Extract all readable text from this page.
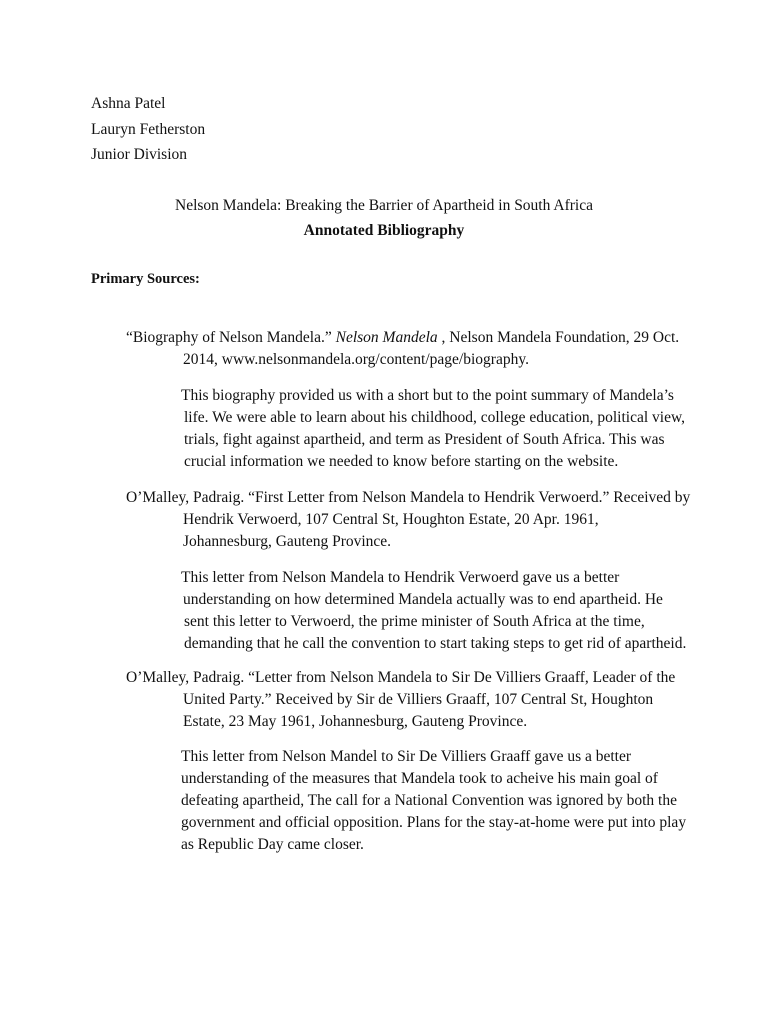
Ashna Patel

Lauryn Fetherston

Junior Division

Nelson Mandela: Breaking the Barrier of Apartheid in South Africa

Annotated Bibliography

Primary Sources:

“Biography of Nelson Mandela.” Nelson Mandela , Nelson Mandela Foundation, 29 Oct.

2014, www.nelsonmandela.org/content/page/biography.

This biography provided us with a short but to the point summary of Mandela’s

life. We were able to learn about his childhood, college education, political view,

trials, fight against apartheid, and term as President of South Africa. This was

crucial information we needed to know before starting on the website.

O’Malley, Padraig. “First Letter from Nelson Mandela to Hendrik Verwoerd.” Received by

Hendrik Verwoerd, 107 Central St, Houghton Estate, 20 Apr. 1961,

Johannesburg, Gauteng Province.

This letter from Nelson Mandela to Hendrik Verwoerd gave us a better

understanding on how determined Mandela actually was to end apartheid. He

sent this letter to Verwoerd, the prime minister of South Africa at the time,

demanding that he call the convention to start taking steps to get rid of apartheid.

O’Malley, Padraig. “Letter from Nelson Mandela to Sir De Villiers Graaff, Leader of the

United Party.” Received by Sir de Villiers Graaff, 107 Central St, Houghton

Estate, 23 May 1961, Johannesburg, Gauteng Province.

This letter from Nelson Mandel to Sir De Villiers Graaff gave us a better

understanding of the measures that Mandela took to acheive his main goal of

defeating apartheid, The call for a National Convention was ignored by both the

government and official opposition. Plans for the stay-at-home were put into play

as Republic Day came closer.
